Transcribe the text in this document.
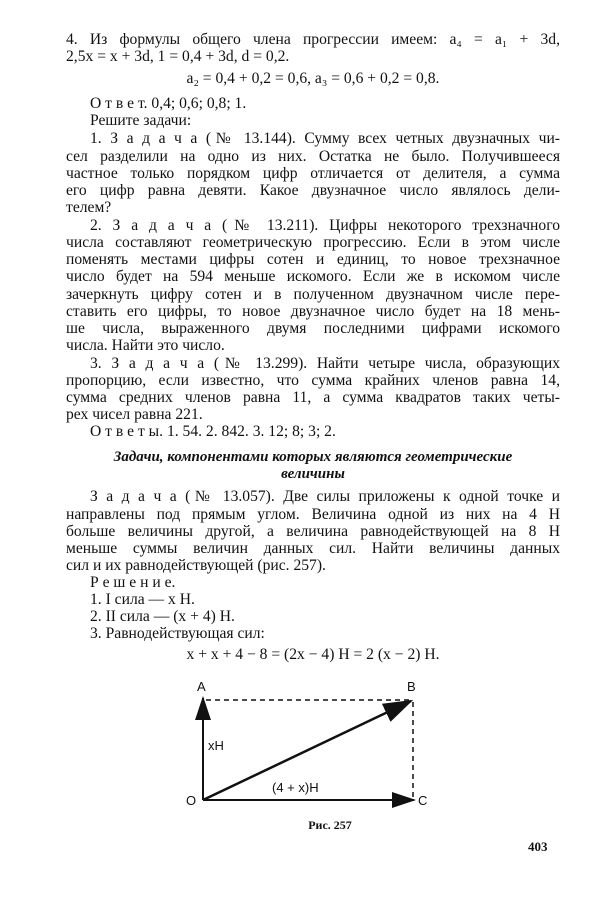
4. Из формулы общего члена прогрессии имеем: a₄ = a₁ + 3d,
2,5x = x + 3d, 1 = 0,4 + 3d, d = 0,2.
a₂ = 0,4 + 0,2 = 0,6, a₃ = 0,6 + 0,2 = 0,8.
О т в е т. 0,4; 0,6; 0,8; 1.
Решите задачи:
1. З а д а ч а (№ 13.144). Сумму всех четных двузначных чи-
сел разделили на одно из них. Остатка не было. Получившееся
частное только порядком цифр отличается от делителя, а сумма
его цифр равна девяти. Какое двузначное число являлось дели-
телем?
2. З а д а ч а (№ 13.211). Цифры некоторого трехзначного
числа составляют геометрическую прогрессию. Если в этом числе
поменять местами цифры сотен и единиц, то новое трехзначное
число будет на 594 меньше искомого. Если же в искомом числе
зачеркнуть цифру сотен и в полученном двузначном числе пере-
ставить его цифры, то новое двузначное число будет на 18 мень-
ше числа, выраженного двумя последними цифрами искомого
числа. Найти это число.
3. З а д а ч а (№ 13.299). Найти четыре числа, образующих
пропорцию, если известно, что сумма крайних членов равна 14,
сумма средних членов равна 11, а сумма квадратов таких четы-
рех чисел равна 221.
О т в е т ы. 1. 54. 2. 842. 3. 12; 8; 3; 2.
Задачи, компонентами которых являются геометрические
величины
З а д а ч а (№ 13.057). Две силы приложены к одной точке и
направлены под прямым углом. Величина одной из них на 4 Н
больше величины другой, а величина равнодействующей на 8 Н
меньше суммы величин данных сил. Найти величины данных
сил и их равнодействующей (рис. 257).
Р е ш е н и е.
1. I сила — x Н.
2. II сила — (x + 4) Н.
3. Равнодействующая сил:
x + x + 4 − 8 = (2x − 4) Н = 2 (x − 2) Н.
A	B
O	C
xH
(4 + x)H
Рис. 257
403
